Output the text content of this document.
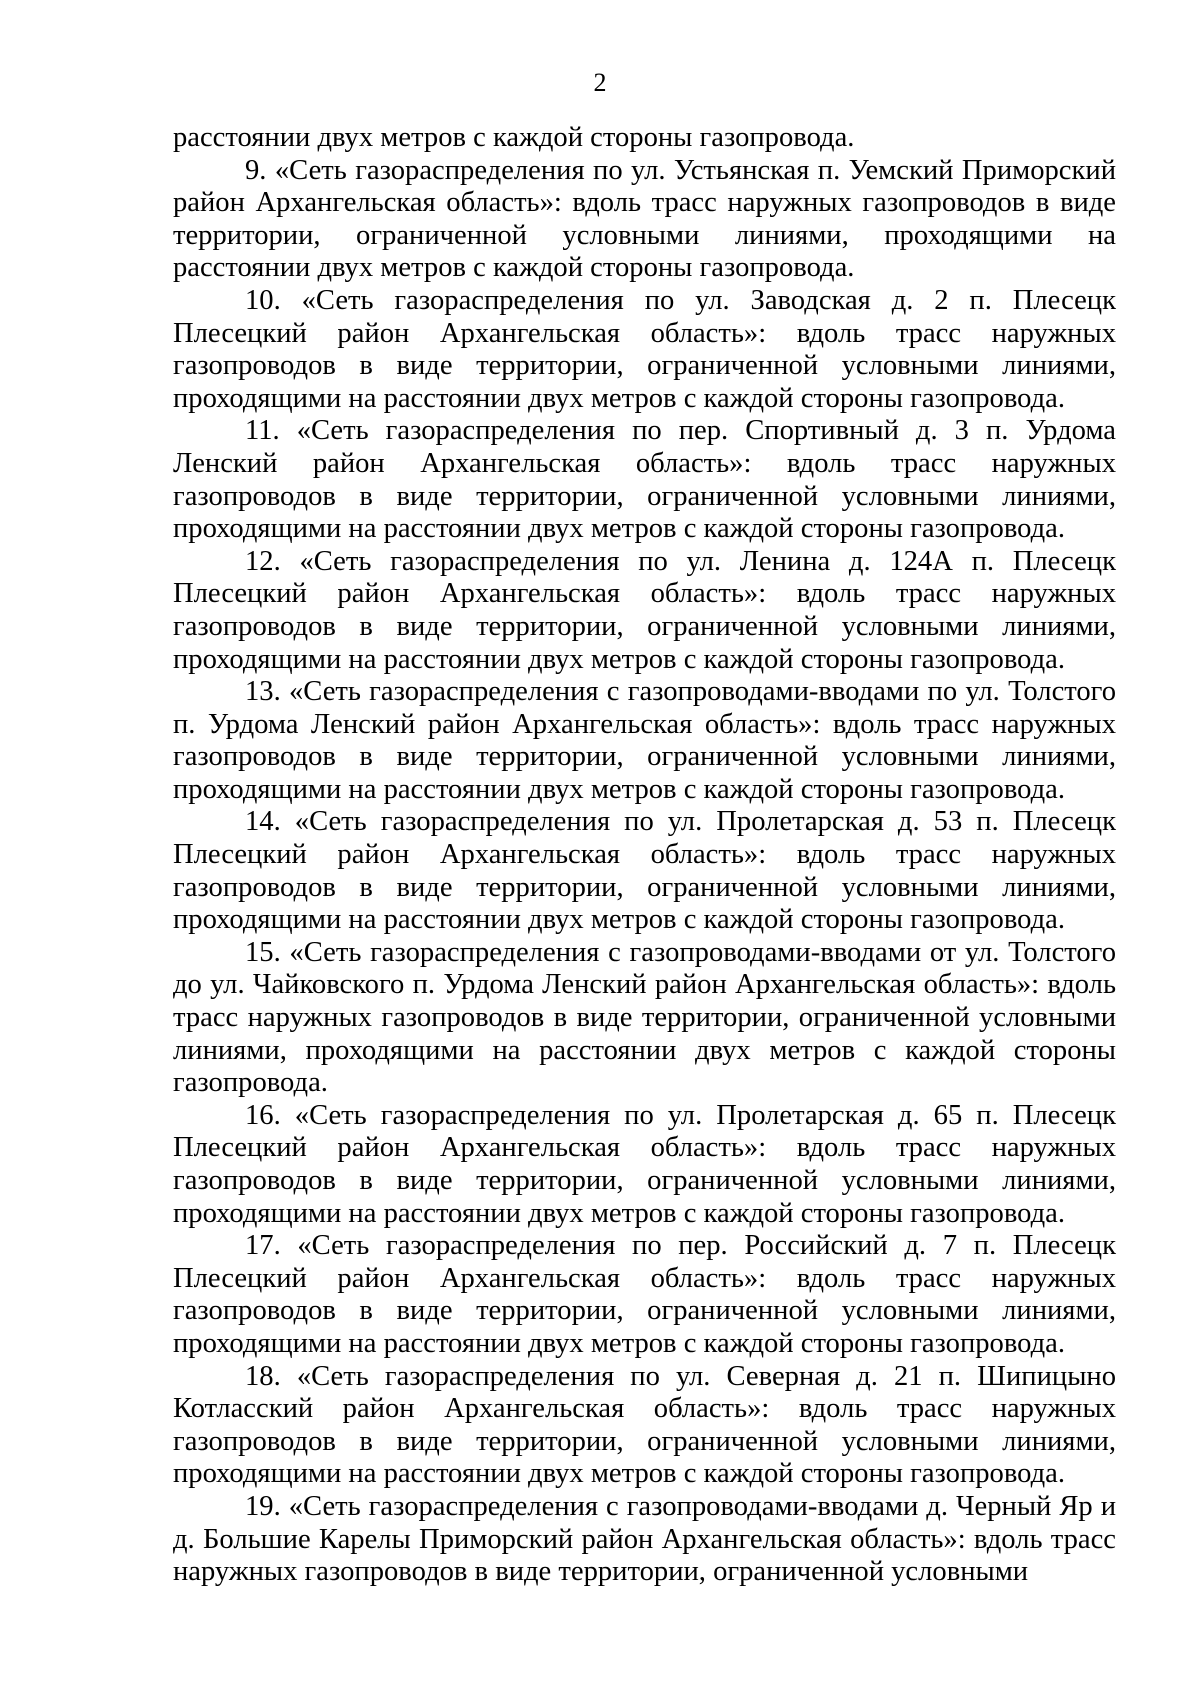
2

расстоянии двух метров с каждой стороны газопровода.

9. «Сеть газораспределения по ул. Устьянская п. Уемский Приморский район Архангельская область»: вдоль трасс наружных газопроводов в виде территории, ограниченной условными линиями, проходящими на расстоянии двух метров с каждой стороны газопровода.

10. «Сеть газораспределения по ул. Заводская д. 2 п. Плесецк Плесецкий район Архангельская область»: вдоль трасс наружных газопроводов в виде территории, ограниченной условными линиями, проходящими на расстоянии двух метров с каждой стороны газопровода.

11. «Сеть газораспределения по пер. Спортивный д. 3 п. Урдома Ленский район Архангельская область»: вдоль трасс наружных газопроводов в виде территории, ограниченной условными линиями, проходящими на расстоянии двух метров с каждой стороны газопровода.

12. «Сеть газораспределения по ул. Ленина д. 124А п. Плесецк Плесецкий район Архангельская область»: вдоль трасс наружных газопроводов в виде территории, ограниченной условными линиями, проходящими на расстоянии двух метров с каждой стороны газопровода.

13. «Сеть газораспределения с газопроводами-вводами по ул. Толстого п. Урдома Ленский район Архангельская область»: вдоль трасс наружных газопроводов в виде территории, ограниченной условными линиями, проходящими на расстоянии двух метров с каждой стороны газопровода.

14. «Сеть газораспределения по ул. Пролетарская д. 53 п. Плесецк Плесецкий район Архангельская область»: вдоль трасс наружных газопроводов в виде территории, ограниченной условными линиями, проходящими на расстоянии двух метров с каждой стороны газопровода.

15. «Сеть газораспределения с газопроводами-вводами от ул. Толстого до ул. Чайковского п. Урдома Ленский район Архангельская область»: вдоль трасс наружных газопроводов в виде территории, ограниченной условными линиями, проходящими на расстоянии двух метров с каждой стороны газопровода.

16. «Сеть газораспределения по ул. Пролетарская д. 65 п. Плесецк Плесецкий район Архангельская область»: вдоль трасс наружных газопроводов в виде территории, ограниченной условными линиями, проходящими на расстоянии двух метров с каждой стороны газопровода.

17. «Сеть газораспределения по пер. Российский д. 7 п. Плесецк Плесецкий район Архангельская область»: вдоль трасс наружных газопроводов в виде территории, ограниченной условными линиями, проходящими на расстоянии двух метров с каждой стороны газопровода.

18. «Сеть газораспределения по ул. Северная д. 21 п. Шипицыно Котласский район Архангельская область»: вдоль трасс наружных газопроводов в виде территории, ограниченной условными линиями, проходящими на расстоянии двух метров с каждой стороны газопровода.

19. «Сеть газораспределения с газопроводами-вводами д. Черный Яр и д. Большие Карелы Приморский район Архангельская область»: вдоль трасс наружных газопроводов в виде территории, ограниченной условными
